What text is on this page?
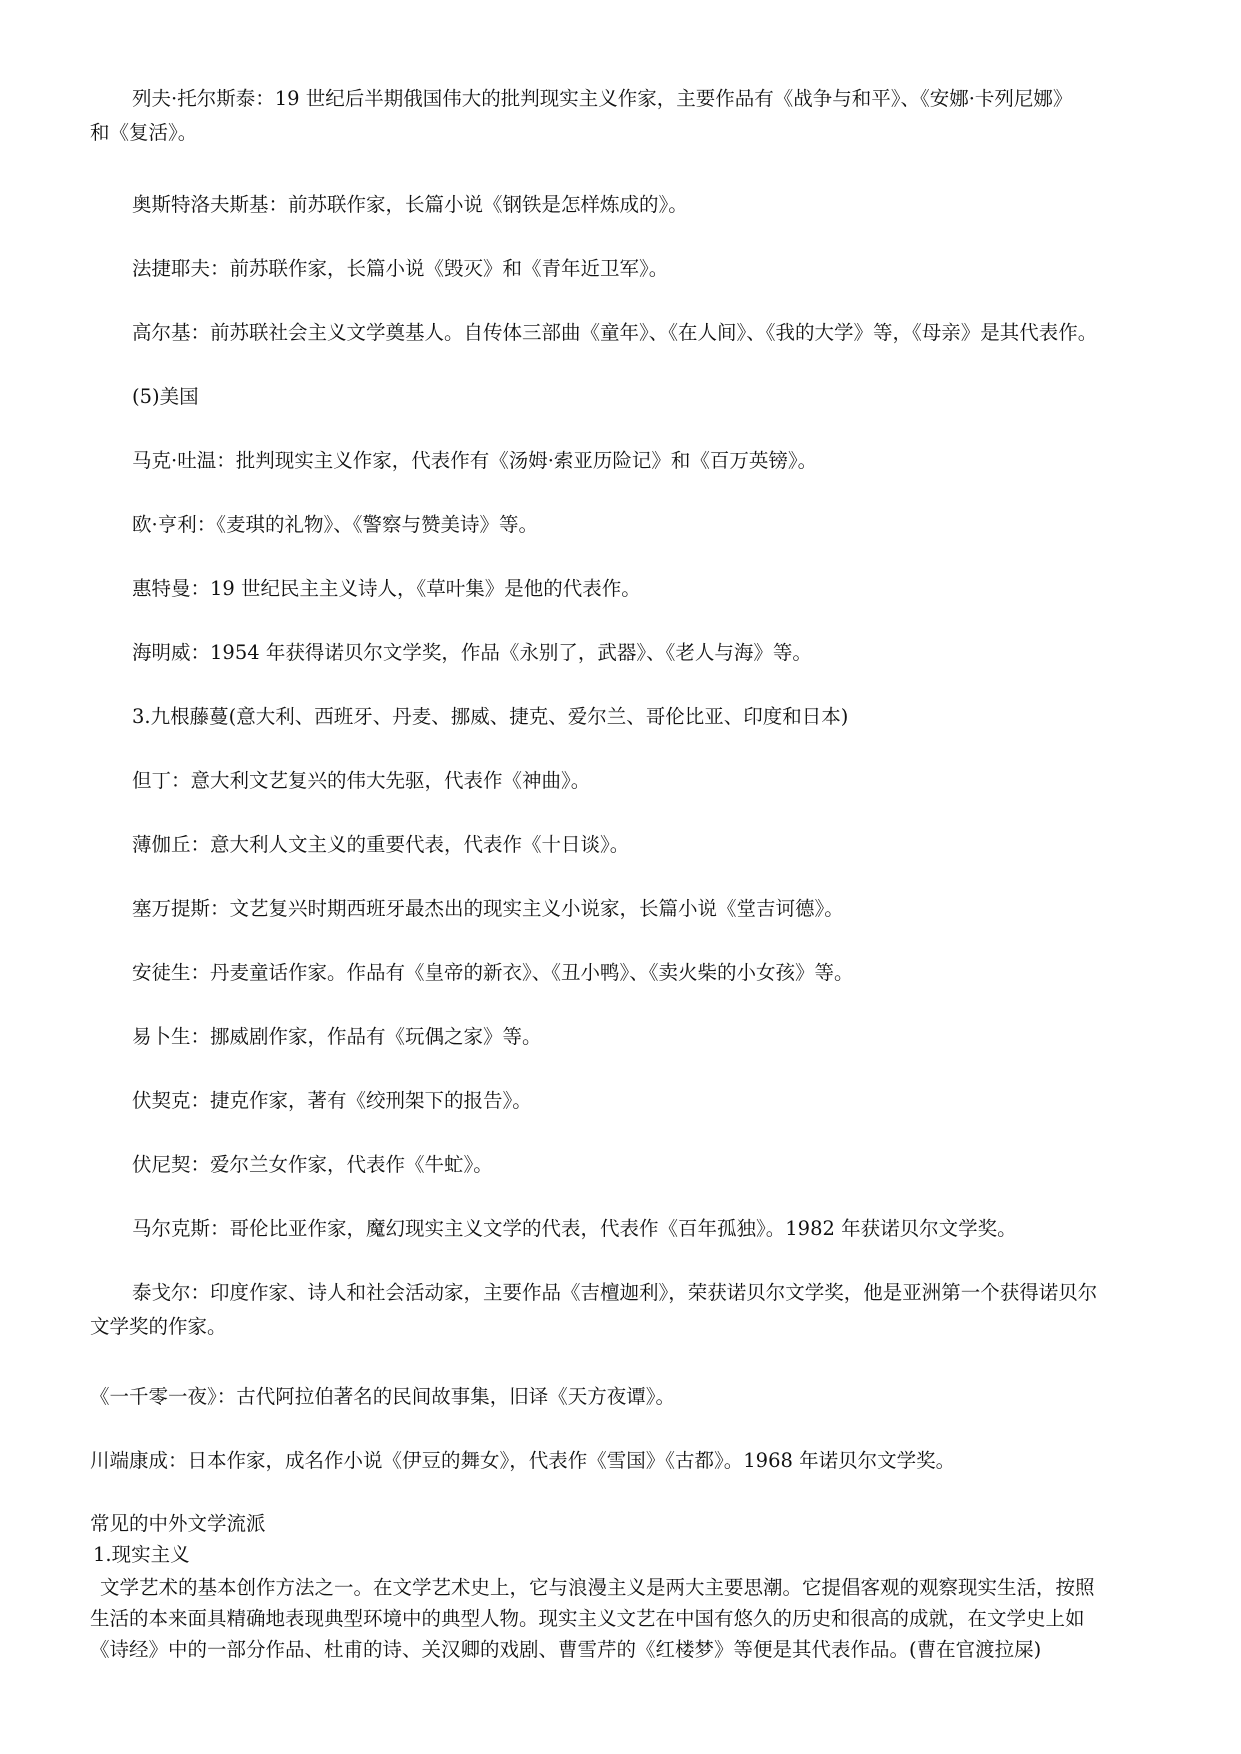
列夫·托尔斯泰：19 世纪后半期俄国伟大的批判现实主义作家，主要作品有《战争与和平》、《安娜·卡列尼娜》
和《复活》。
奥斯特洛夫斯基：前苏联作家，长篇小说《钢铁是怎样炼成的》。
法捷耶夫：前苏联作家，长篇小说《毁灭》和《青年近卫军》。
高尔基：前苏联社会主义文学奠基人。自传体三部曲《童年》、《在人间》、《我的大学》等，《母亲》是其代表作。
(5)美国
马克·吐温：批判现实主义作家，代表作有《汤姆·索亚历险记》和《百万英镑》。
欧·亨利：《麦琪的礼物》、《警察与赞美诗》等。
惠特曼：19 世纪民主主义诗人，《草叶集》是他的代表作。
海明威：1954 年获得诺贝尔文学奖，作品《永别了，武器》、《老人与海》等。
3.九根藤蔓(意大利、西班牙、丹麦、挪威、捷克、爱尔兰、哥伦比亚、印度和日本)
但丁：意大利文艺复兴的伟大先驱，代表作《神曲》。
薄伽丘：意大利人文主义的重要代表，代表作《十日谈》。
塞万提斯：文艺复兴时期西班牙最杰出的现实主义小说家，长篇小说《堂吉诃德》。
安徒生：丹麦童话作家。作品有《皇帝的新衣》、《丑小鸭》、《卖火柴的小女孩》等。
易卜生：挪威剧作家，作品有《玩偶之家》等。
伏契克：捷克作家，著有《绞刑架下的报告》。
伏尼契：爱尔兰女作家，代表作《牛虻》。
马尔克斯：哥伦比亚作家，魔幻现实主义文学的代表，代表作《百年孤独》。1982 年获诺贝尔文学奖。
泰戈尔：印度作家、诗人和社会活动家，主要作品《吉檀迦利》，荣获诺贝尔文学奖，他是亚洲第一个获得诺贝尔
文学奖的作家。
《一千零一夜》：古代阿拉伯著名的民间故事集，旧译《天方夜谭》。
川端康成：日本作家，成名作小说《伊豆的舞女》，代表作《雪国》《古都》。1968 年诺贝尔文学奖。
常见的中外文学流派
1.现实主义
文学艺术的基本创作方法之一。在文学艺术史上，它与浪漫主义是两大主要思潮。它提倡客观的观察现实生活，按照
生活的本来面具精确地表现典型环境中的典型人物。现实主义文艺在中国有悠久的历史和很高的成就，在文学史上如
《诗经》中的一部分作品、杜甫的诗、关汉卿的戏剧、曹雪芹的《红楼梦》等便是其代表作品。(曹在官渡拉屎)
